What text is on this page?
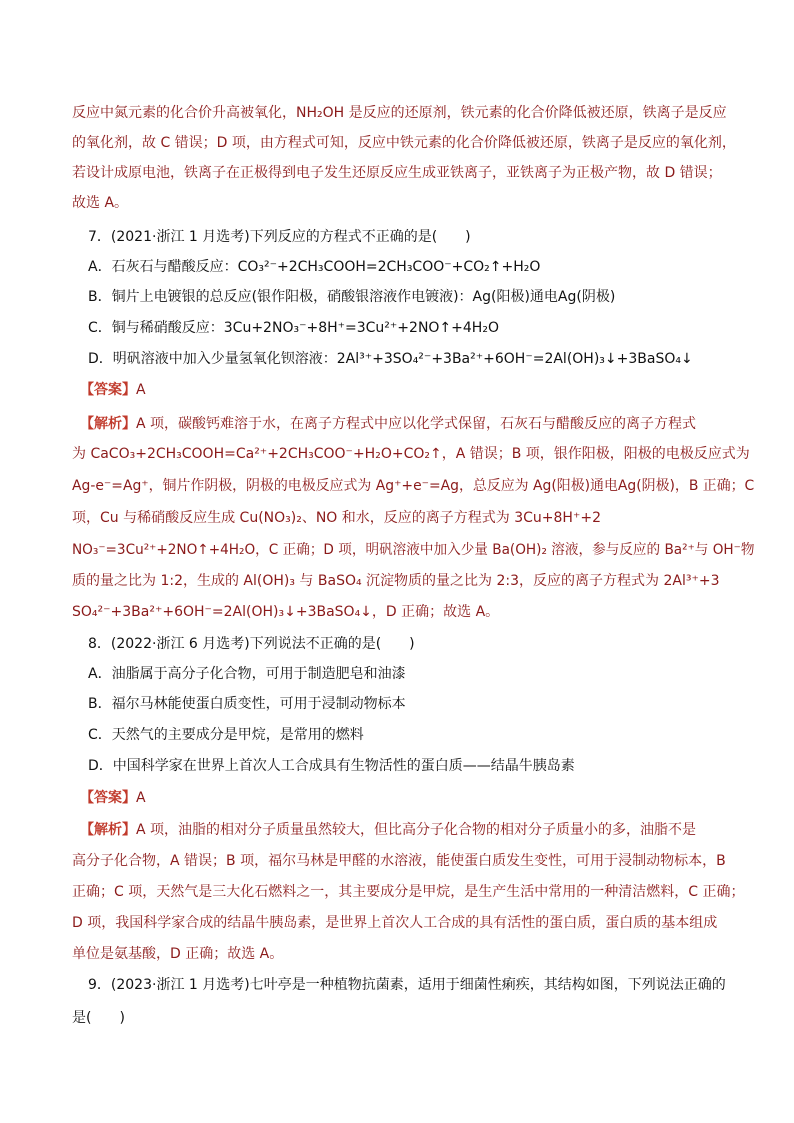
反应中氮元素的化合价升高被氧化，NH₂OH 是反应的还原剂，铁元素的化合价降低被还原，铁离子是反应
的氧化剂，故 C 错误；D 项，由方程式可知，反应中铁元素的化合价降低被还原，铁离子是反应的氧化剂，
若设计成原电池，铁离子在正极得到电子发生还原反应生成亚铁离子，亚铁离子为正极产物，故 D 错误；
故选 A。
7．(2021·浙江 1 月选考)下列反应的方程式不正确的是(　　)
A．石灰石与醋酸反应：CO₃²⁻+2CH₃COOH=2CH₃COO⁻+CO₂↑+H₂O
B．铜片上电镀银的总反应(银作阳极，硝酸银溶液作电镀液)：Ag(阳极)通电Ag(阴极)
C．铜与稀硝酸反应：3Cu+2NO₃⁻+8H⁺=3Cu²⁺+2NO↑+4H₂O
D．明矾溶液中加入少量氢氧化钡溶液：2Al³⁺+3SO₄²⁻+3Ba²⁺+6OH⁻=2Al(OH)₃↓+3BaSO₄↓
【答案】A
【解析】A 项，碳酸钙难溶于水，在离子方程式中应以化学式保留，石灰石与醋酸反应的离子方程式
为 CaCO₃+2CH₃COOH=Ca²⁺+2CH₃COO⁻+H₂O+CO₂↑，A 错误；B 项，银作阳极，阳极的电极反应式为
Ag-e⁻=Ag⁺，铜片作阴极，阴极的电极反应式为 Ag⁺+e⁻=Ag，总反应为 Ag(阳极)通电Ag(阴极)，B 正确；C
项，Cu 与稀硝酸反应生成 Cu(NO₃)₂、NO 和水，反应的离子方程式为 3Cu+8H⁺+2
NO₃⁻=3Cu²⁺+2NO↑+4H₂O，C 正确；D 项，明矾溶液中加入少量 Ba(OH)₂ 溶液，参与反应的 Ba²⁺与 OH⁻物
质的量之比为 1:2，生成的 Al(OH)₃ 与 BaSO₄ 沉淀物质的量之比为 2:3，反应的离子方程式为 2Al³⁺+3
SO₄²⁻+3Ba²⁺+6OH⁻=2Al(OH)₃↓+3BaSO₄↓，D 正确；故选 A。
8．(2022·浙江 6 月选考)下列说法不正确的是(　　)
A．油脂属于高分子化合物，可用于制造肥皂和油漆
B．福尔马林能使蛋白质变性，可用于浸制动物标本
C．天然气的主要成分是甲烷，是常用的燃料
D．中国科学家在世界上首次人工合成具有生物活性的蛋白质——结晶牛胰岛素
【答案】A
【解析】A 项，油脂的相对分子质量虽然较大，但比高分子化合物的相对分子质量小的多，油脂不是
高分子化合物，A 错误；B 项，福尔马林是甲醛的水溶液，能使蛋白质发生变性，可用于浸制动物标本，B
正确；C 项，天然气是三大化石燃料之一，其主要成分是甲烷，是生产生活中常用的一种清洁燃料，C 正确；
D 项，我国科学家合成的结晶牛胰岛素，是世界上首次人工合成的具有活性的蛋白质，蛋白质的基本组成
单位是氨基酸，D 正确；故选 A。
9．(2023·浙江 1 月选考)七叶亭是一种植物抗菌素，适用于细菌性痢疾，其结构如图，下列说法正确的
是(　　)
